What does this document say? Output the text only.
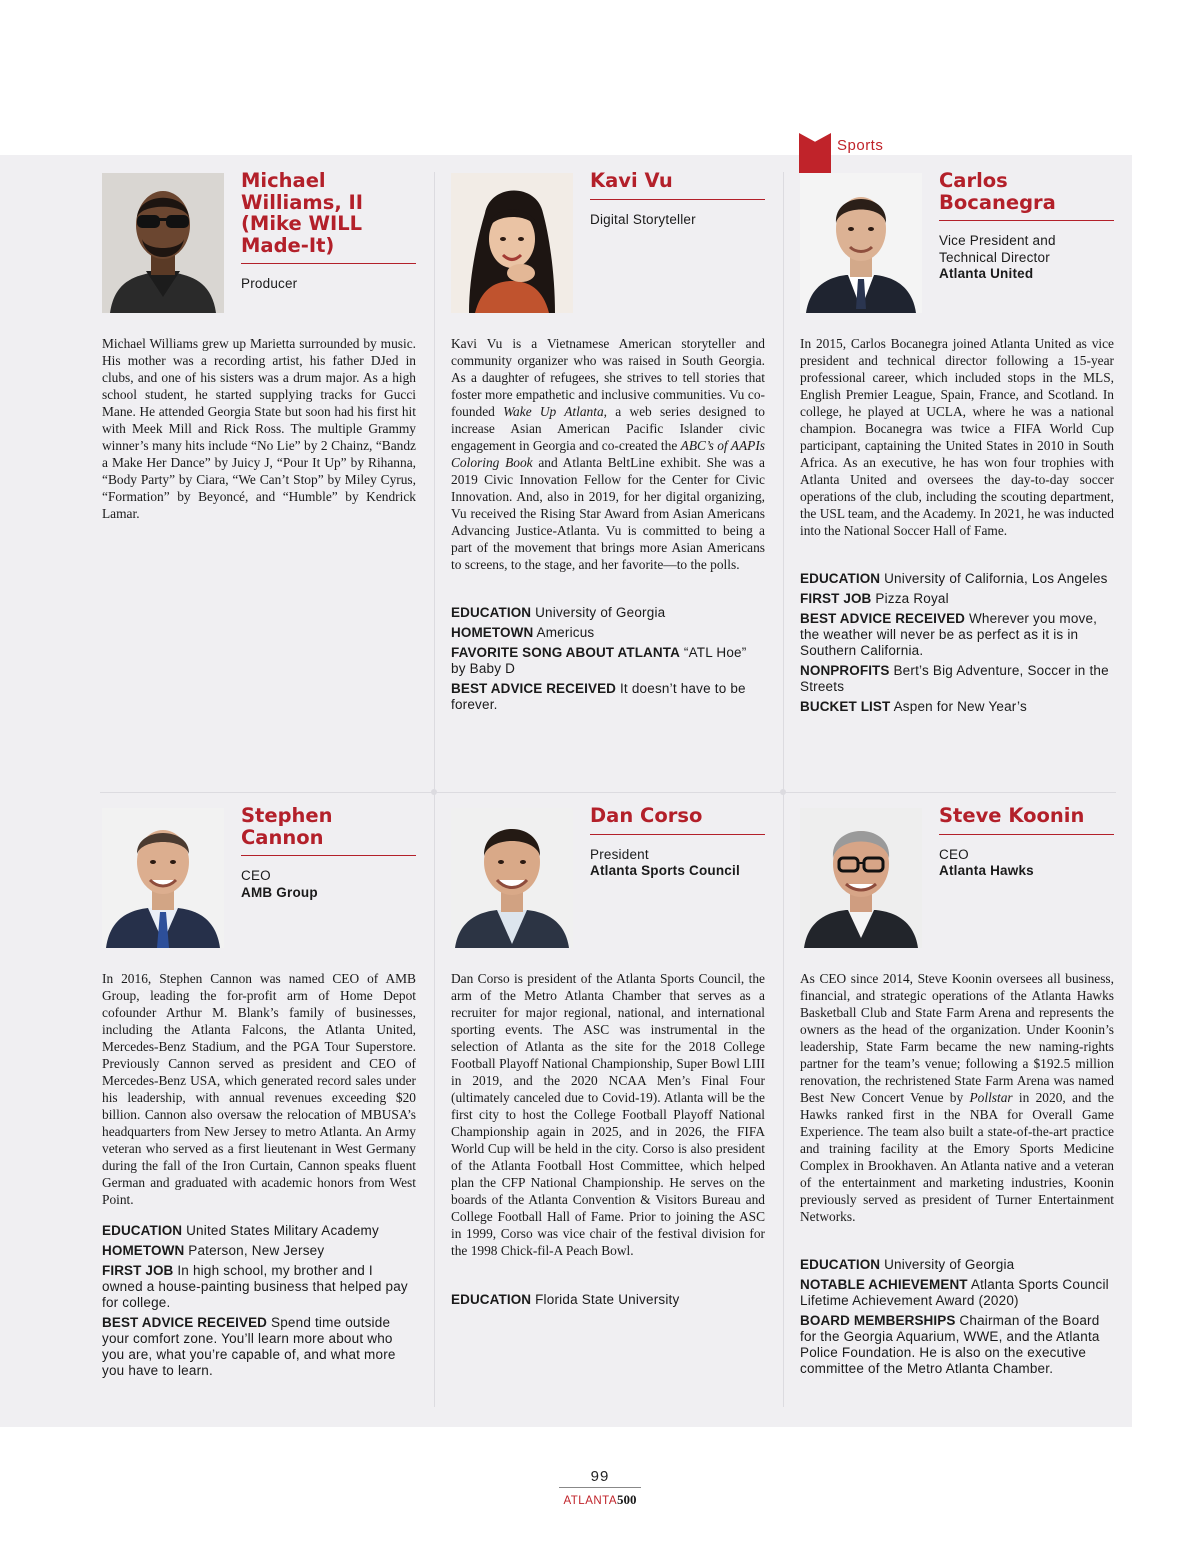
Sports
Michael Williams, II (Mike WILL Made-It)
Producer
Michael Williams grew up Marietta surrounded by music. His mother was a recording artist, his father DJed in clubs, and one of his sisters was a drum major. As a high school student, he started supplying tracks for Gucci Mane. He attended Georgia State but soon had his first hit with Meek Mill and Rick Ross. The multiple Grammy winner’s many hits include “No Lie” by 2 Chainz, “Bandz a Make Her Dance” by Juicy J, “Pour It Up” by Rihanna, “Body Party” by Ciara, “We Can’t Stop” by Miley Cyrus, “Formation” by Beyoncé, and “Humble” by Kendrick Lamar.
Kavi Vu
Digital Storyteller
Kavi Vu is a Vietnamese American storyteller and community organizer who was raised in South Georgia. As a daughter of refugees, she strives to tell stories that foster more empathetic and inclusive communities. Vu co-founded Wake Up Atlanta, a web series designed to increase Asian American Pacific Islander civic engagement in Georgia and co-created the ABC’s of AAPIs Coloring Book and Atlanta BeltLine exhibit. She was a 2019 Civic Innovation Fellow for the Center for Civic Innovation. And, also in 2019, for her digital organizing, Vu received the Rising Star Award from Asian Americans Advancing Justice-Atlanta. Vu is committed to being a part of the movement that brings more Asian Americans to screens, to the stage, and her favorite—to the polls.

EDUCATION University of Georgia

HOMETOWN Americus

FAVORITE SONG ABOUT ATLANTA “ATL Hoe” by Baby D

BEST ADVICE RECEIVED It doesn’t have to be forever.

Carlos Bocanegra
Vice President and Technical Director
Atlanta United
In 2015, Carlos Bocanegra joined Atlanta United as vice president and technical director following a 15-year professional career, which included stops in the MLS, English Premier League, Spain, France, and Scotland. In college, he played at UCLA, where he was a national champion. Bocanegra was twice a FIFA World Cup participant, captaining the United States in 2010 in South Africa. As an executive, he has won four trophies with Atlanta United and oversees the day-to-day soccer operations of the club, including the scouting department, the USL team, and the Academy. In 2021, he was inducted into the National Soccer Hall of Fame.

EDUCATION University of California, Los Angeles

FIRST JOB Pizza Royal

BEST ADVICE RECEIVED Wherever you move, the weather will never be as perfect as it is in Southern California.

NONPROFITS Bert’s Big Adventure, Soccer in the Streets

BUCKET LIST Aspen for New Year’s

Stephen Cannon
CEO
AMB Group
In 2016, Stephen Cannon was named CEO of AMB Group, leading the for-profit arm of Home Depot cofounder Arthur M. Blank’s family of businesses, including the Atlanta Falcons, the Atlanta United, Mercedes-Benz Stadium, and the PGA Tour Superstore. Previously Cannon served as president and CEO of Mercedes-Benz USA, which generated record sales under his leadership, with annual revenues exceeding $20 billion. Cannon also oversaw the relocation of MBUSA’s headquarters from New Jersey to metro Atlanta. An Army veteran who served as a first lieutenant in West Germany during the fall of the Iron Curtain, Cannon speaks fluent German and graduated with academic honors from West Point.

EDUCATION United States Military Academy

HOMETOWN Paterson, New Jersey

FIRST JOB In high school, my brother and I owned a house-painting business that helped pay for college.

BEST ADVICE RECEIVED Spend time outside your comfort zone. You’ll learn more about who you are, what you’re capable of, and what more you have to learn.

Dan Corso
President
Atlanta Sports Council
Dan Corso is president of the Atlanta Sports Council, the arm of the Metro Atlanta Chamber that serves as a recruiter for major regional, national, and international sporting events. The ASC was instrumental in the selection of Atlanta as the site for the 2018 College Football Playoff National Championship, Super Bowl LIII in 2019, and the 2020 NCAA Men’s Final Four (ultimately canceled due to Covid-19). Atlanta will be the first city to host the College Football Playoff National Championship again in 2025, and in 2026, the FIFA World Cup will be held in the city. Corso is also president of the Atlanta Football Host Committee, which helped plan the CFP National Championship. He serves on the boards of the Atlanta Convention & Visitors Bureau and College Football Hall of Fame. Prior to joining the ASC in 1999, Corso was vice chair of the festival division for the 1998 Chick-fil-A Peach Bowl.

EDUCATION Florida State University

Steve Koonin
CEO
Atlanta Hawks
As CEO since 2014, Steve Koonin oversees all business, financial, and strategic operations of the Atlanta Hawks Basketball Club and State Farm Arena and represents the owners as the head of the organization. Under Koonin’s leadership, State Farm became the new naming-rights partner for the team’s venue; following a $192.5 million renovation, the rechristened State Farm Arena was named Best New Concert Venue by Pollstar in 2020, and the Hawks ranked first in the NBA for Overall Game Experience. The team also built a state-of-the-art practice and training facility at the Emory Sports Medicine Complex in Brookhaven. An Atlanta native and a veteran of the entertainment and marketing industries, Koonin previously served as president of Turner Entertainment Networks.

EDUCATION University of Georgia

NOTABLE ACHIEVEMENT Atlanta Sports Council Lifetime Achievement Award (2020)

BOARD MEMBERSHIPS Chairman of the Board for the Georgia Aquarium, WWE, and the Atlanta Police Foundation. He is also on the executive committee of the Metro Atlanta Chamber.

99
ATLANTA500
